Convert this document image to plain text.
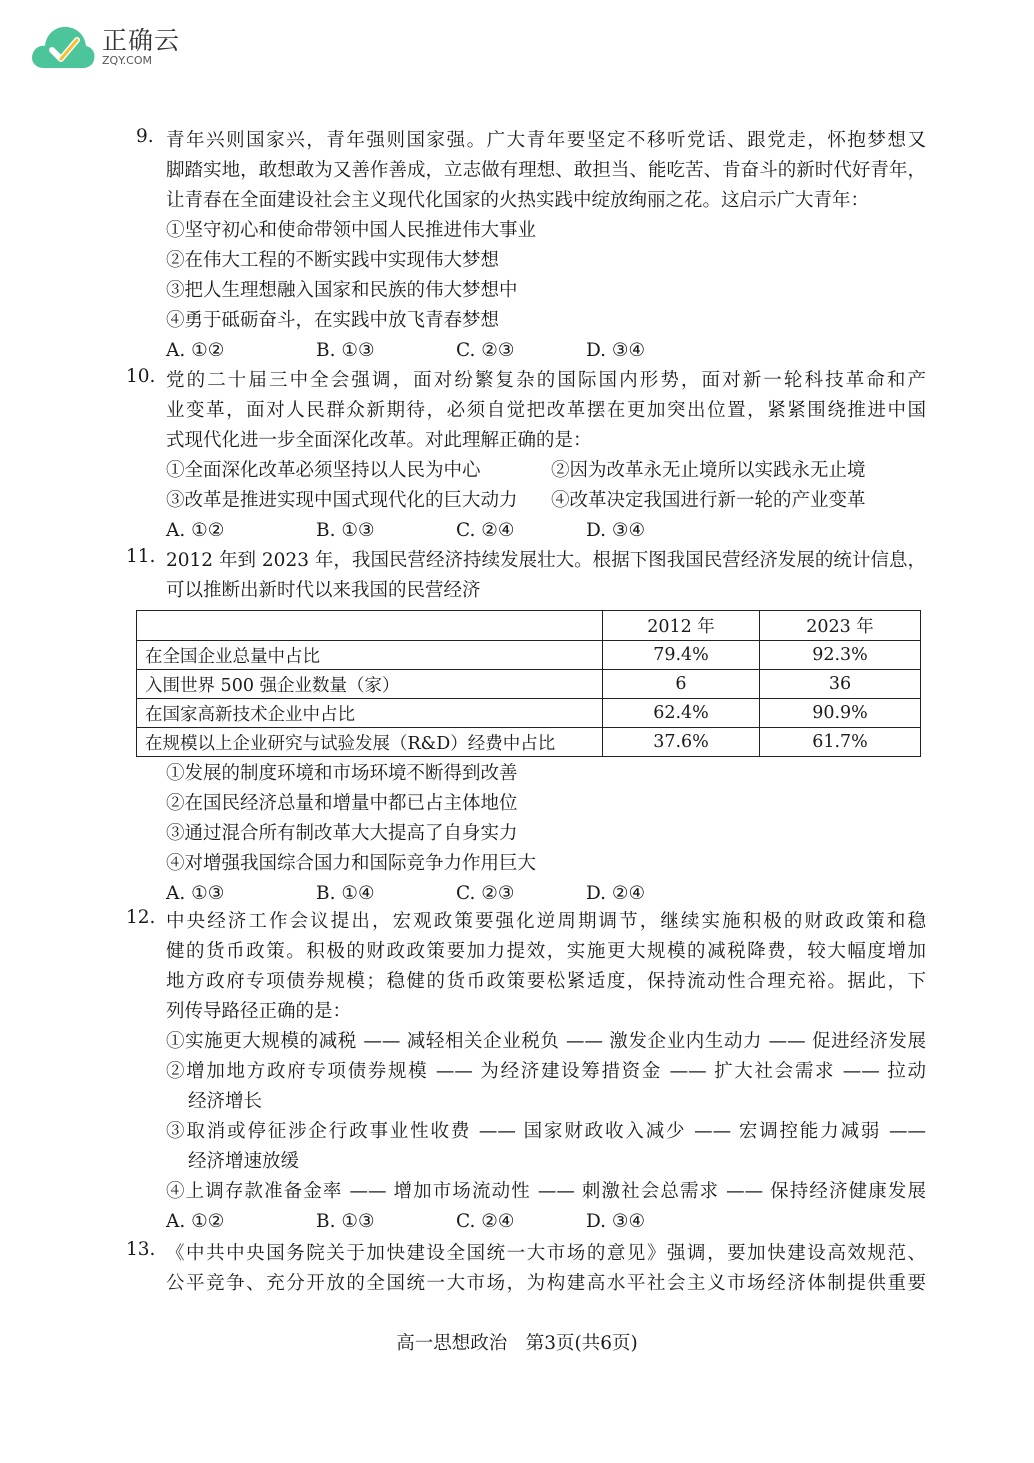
正确云
ZQY.COM
9. 青年兴则国家兴，青年强则国家强。广大青年要坚定不移听党话、跟党走，怀抱梦想又
脚踏实地，敢想敢为又善作善成，立志做有理想、敢担当、能吃苦、肯奋斗的新时代好青年，
让青春在全面建设社会主义现代化国家的火热实践中绽放绚丽之花。这启示广大青年：
①坚守初心和使命带领中国人民推进伟大事业
②在伟大工程的不断实践中实现伟大梦想
③把人生理想融入国家和民族的伟大梦想中
④勇于砥砺奋斗，在实践中放飞青春梦想
A. ①②	B. ①③	C. ②③	D. ③④
10. 党的二十届三中全会强调，面对纷繁复杂的国际国内形势，面对新一轮科技革命和产
业变革，面对人民群众新期待，必须自觉把改革摆在更加突出位置，紧紧围绕推进中国
式现代化进一步全面深化改革。对此理解正确的是：
①全面深化改革必须坚持以人民为中心	②因为改革永无止境所以实践永无止境
③改革是推进实现中国式现代化的巨大动力	④改革决定我国进行新一轮的产业变革
A. ①②	B. ①③	C. ②④	D. ③④
11. 2012 年到 2023 年，我国民营经济持续发展壮大。根据下图我国民营经济发展的统计信息，
可以推断出新时代以来我国的民营经济
	2012 年	2023 年
在全国企业总量中占比	79.4%	92.3%
入围世界 500 强企业数量（家）	6	36
在国家高新技术企业中占比	62.4%	90.9%
在规模以上企业研究与试验发展（R&D）经费中占比	37.6%	61.7%
①发展的制度环境和市场环境不断得到改善
②在国民经济总量和增量中都已占主体地位
③通过混合所有制改革大大提高了自身实力
④对增强我国综合国力和国际竞争力作用巨大
A. ①③	B. ①④	C. ②③	D. ②④
12. 中央经济工作会议提出，宏观政策要强化逆周期调节，继续实施积极的财政政策和稳
健的货币政策。积极的财政政策要加力提效，实施更大规模的减税降费，较大幅度增加
地方政府专项债券规模；稳健的货币政策要松紧适度，保持流动性合理充裕。据此，下
列传导路径正确的是：
①实施更大规模的减税 —— 减轻相关企业税负 —— 激发企业内生动力 —— 促进经济发展
②增加地方政府专项债券规模 —— 为经济建设筹措资金 —— 扩大社会需求 —— 拉动
经济增长
③取消或停征涉企行政事业性收费 —— 国家财政收入减少 —— 宏调控能力减弱 ——
经济增速放缓
④上调存款准备金率 —— 增加市场流动性 —— 刺激社会总需求 —— 保持经济健康发展
A. ①②	B. ①③	C. ②④	D. ③④
13. 《中共中央国务院关于加快建设全国统一大市场的意见》强调，要加快建设高效规范、
公平竞争、充分开放的全国统一大市场，为构建高水平社会主义市场经济体制提供重要
高一思想政治　第3页(共6页)
